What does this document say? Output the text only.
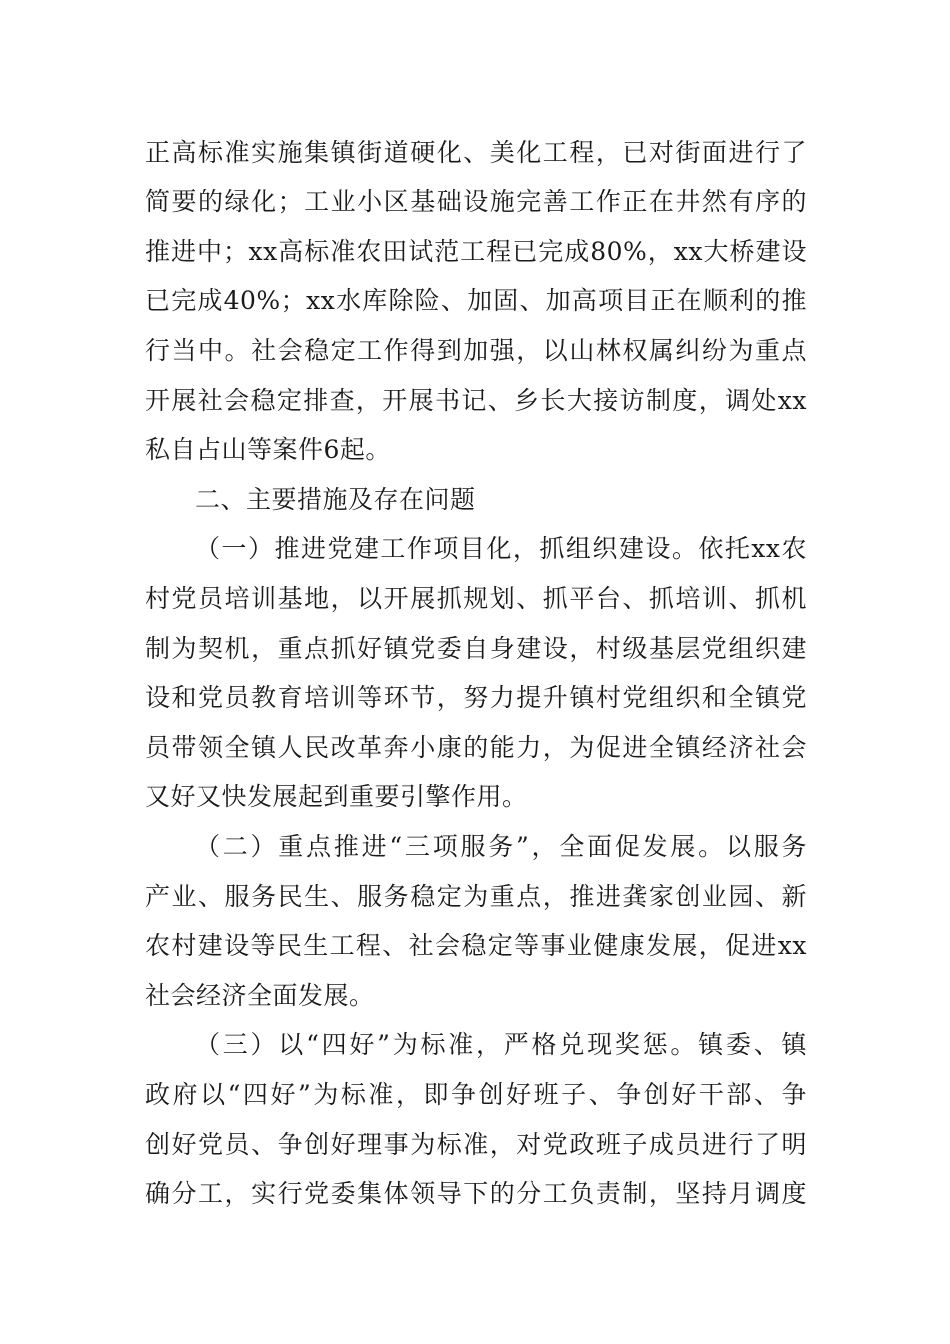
正高标准实施集镇街道硬化、美化工程，已对街面进行了
简要的绿化；工业小区基础设施完善工作正在井然有序的
推进中；xx高标准农田试范工程已完成80%，xx大桥建设
已完成40%；xx水库除险、加固、加高项目正在顺利的推
行当中。社会稳定工作得到加强，以山林权属纠纷为重点
开展社会稳定排查，开展书记、乡长大接访制度，调处xx
私自占山等案件6起。
二、主要措施及存在问题
（一）推进党建工作项目化，抓组织建设。依托xx农
村党员培训基地，以开展抓规划、抓平台、抓培训、抓机
制为契机，重点抓好镇党委自身建设，村级基层党组织建
设和党员教育培训等环节，努力提升镇村党组织和全镇党
员带领全镇人民改革奔小康的能力，为促进全镇经济社会
又好又快发展起到重要引擎作用。
（二）重点推进“三项服务”，全面促发展。以服务
产业、服务民生、服务稳定为重点，推进龚家创业园、新
农村建设等民生工程、社会稳定等事业健康发展，促进xx
社会经济全面发展。
（三）以“四好”为标准，严格兑现奖惩。镇委、镇
政府以“四好”为标准，即争创好班子、争创好干部、争
创好党员、争创好理事为标准，对党政班子成员进行了明
确分工，实行党委集体领导下的分工负责制，坚持月调度
